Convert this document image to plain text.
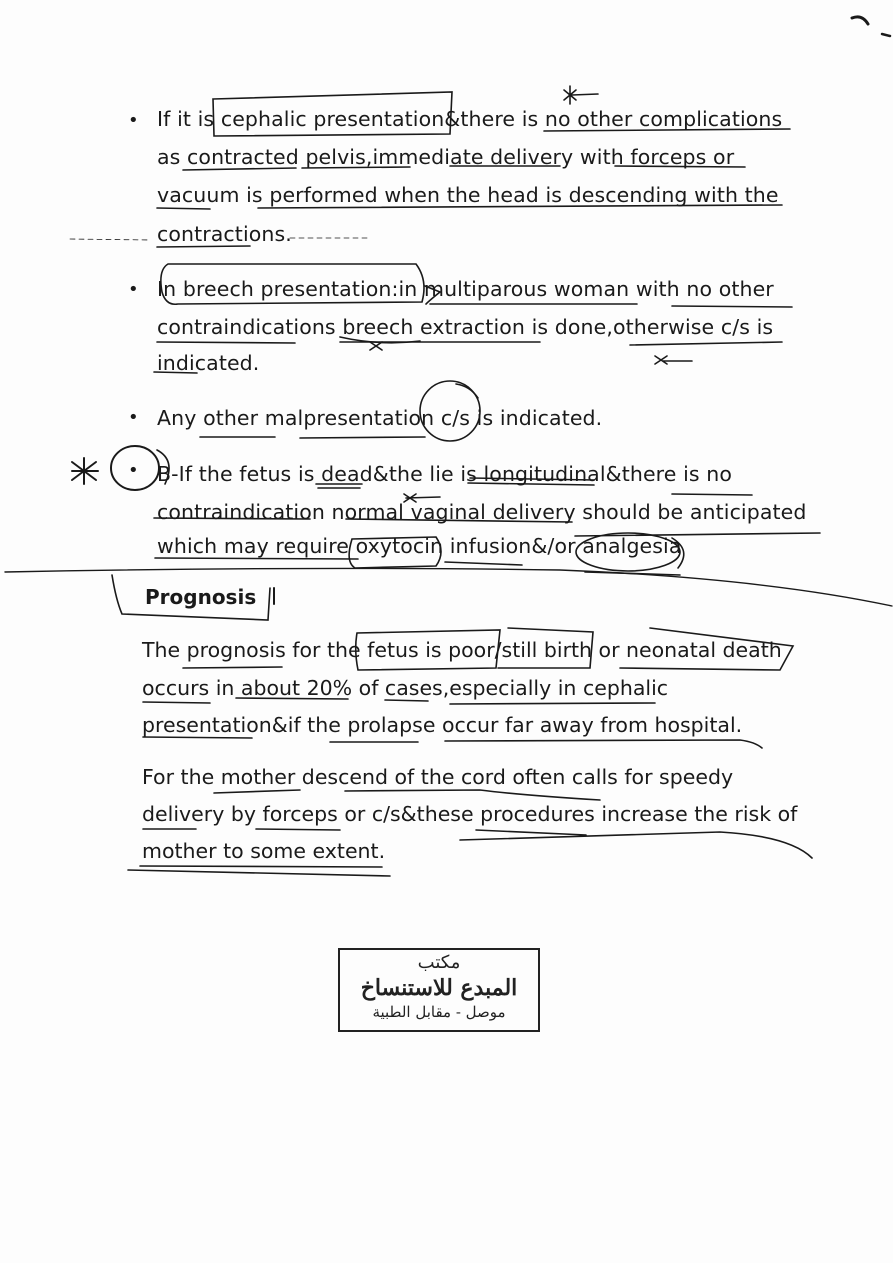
• If it is cephalic presentation&there is no other complications
as contracted pelvis,immediate delivery with forceps or
vacuum is performed when the head is descending with the
contractions.
• In breech presentation:in multiparous woman with no other
contraindications breech extraction is done,otherwise c/s is
indicated.
• Any other malpresentation c/s is indicated.
• B-If the fetus is dead&the lie is longitudinal&there is no
contraindication normal vaginal delivery should be anticipated
which may require oxytocin infusion&/or analgesia
Prognosis
The prognosis for the fetus is poor/still birth or neonatal death
occurs in about 20% of cases,especially in cephalic
presentation&if the prolapse occur far away from hospital.
For the mother descend of the cord often calls for speedy
delivery by forceps or c/s&these procedures increase the risk of
mother to some extent.
مكتب
المبدع للاستنساخ
موصل - مقابل الطبية
